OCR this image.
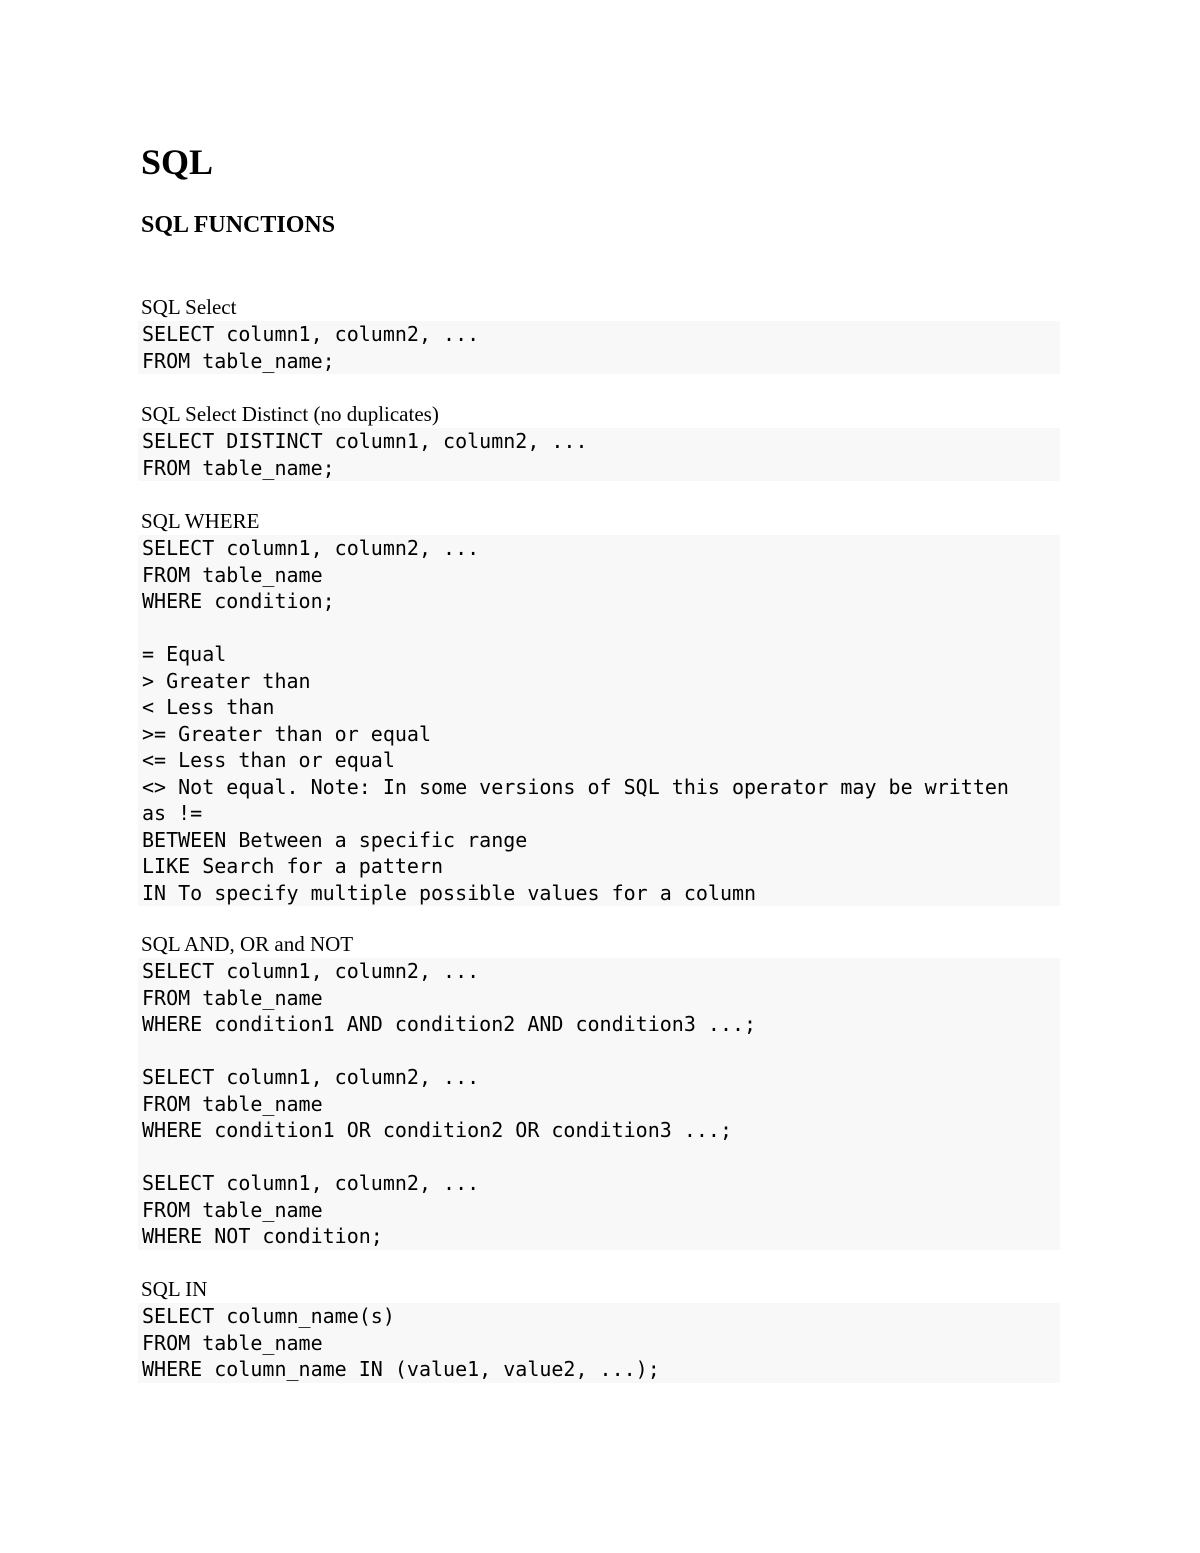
SQL
SQL FUNCTIONS
SQL Select
SELECT column1, column2, ...
FROM table_name;
SQL Select Distinct (no duplicates)
SELECT DISTINCT column1, column2, ...
FROM table_name;
SQL WHERE
SELECT column1, column2, ...
FROM table_name
WHERE condition;
= Equal
> Greater than
< Less than
>= Greater than or equal
<= Less than or equal
<> Not equal. Note: In some versions of SQL this operator may be written
as !=
BETWEEN Between a specific range
LIKE Search for a pattern
IN To specify multiple possible values for a column
SQL AND, OR and NOT
SELECT column1, column2, ...
FROM table_name
WHERE condition1 AND condition2 AND condition3 ...;
SELECT column1, column2, ...
FROM table_name
WHERE condition1 OR condition2 OR condition3 ...;
SELECT column1, column2, ...
FROM table_name
WHERE NOT condition;
SQL IN
SELECT column_name(s)
FROM table_name
WHERE column_name IN (value1, value2, ...);
